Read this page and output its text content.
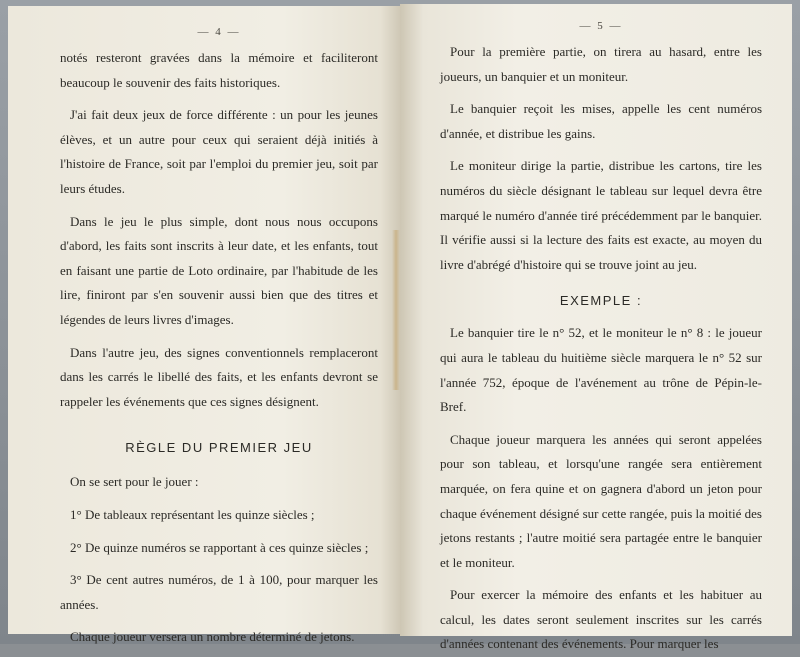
— 4 —

notés resteront gravées dans la mémoire et faciliteront beaucoup le souvenir des faits historiques.

J'ai fait deux jeux de force différente : un pour les jeunes élèves, et un autre pour ceux qui seraient déjà initiés à l'histoire de France, soit par l'emploi du premier jeu, soit par leurs études.

Dans le jeu le plus simple, dont nous nous occupons d'abord, les faits sont inscrits à leur date, et les enfants, tout en faisant une partie de Loto ordinaire, par l'habitude de les lire, finiront par s'en souvenir aussi bien que des titres et légendes de leurs livres d'images.

Dans l'autre jeu, des signes conventionnels remplaceront dans les carrés le libellé des faits, et les enfants devront se rappeler les événements que ces signes désignent.

RÈGLE DU PREMIER JEU

On se sert pour le jouer :

1° De tableaux représentant les quinze siècles ;

2° De quinze numéros se rapportant à ces quinze siècles ;

3° De cent autres numéros, de 1 à 100, pour marquer les années.

Chaque joueur versera un nombre déterminé de jetons.

— 5 —

Pour la première partie, on tirera au hasard, entre les joueurs, un banquier et un moniteur.

Le banquier reçoit les mises, appelle les cent numéros d'année, et distribue les gains.

Le moniteur dirige la partie, distribue les cartons, tire les numéros du siècle désignant le tableau sur lequel devra être marqué le numéro d'année tiré précédemment par le banquier. Il vérifie aussi si la lecture des faits est exacte, au moyen du livre d'abrégé d'histoire qui se trouve joint au jeu.

EXEMPLE :

Le banquier tire le n° 52, et le moniteur le n° 8 : le joueur qui aura le tableau du huitième siècle marquera le n° 52 sur l'année 752, époque de l'avénement au trône de Pépin-le-Bref.

Chaque joueur marquera les années qui seront appelées pour son tableau, et lorsqu'une rangée sera entièrement marquée, on fera quine et on gagnera d'abord un jeton pour chaque événement désigné sur cette rangée, puis la moitié des jetons restants ; l'autre moitié sera partagée entre le banquier et le moniteur.

Pour exercer la mémoire des enfants et les habituer au calcul, les dates seront seulement inscrites sur les carrés d'années contenant des événements. Pour marquer les
